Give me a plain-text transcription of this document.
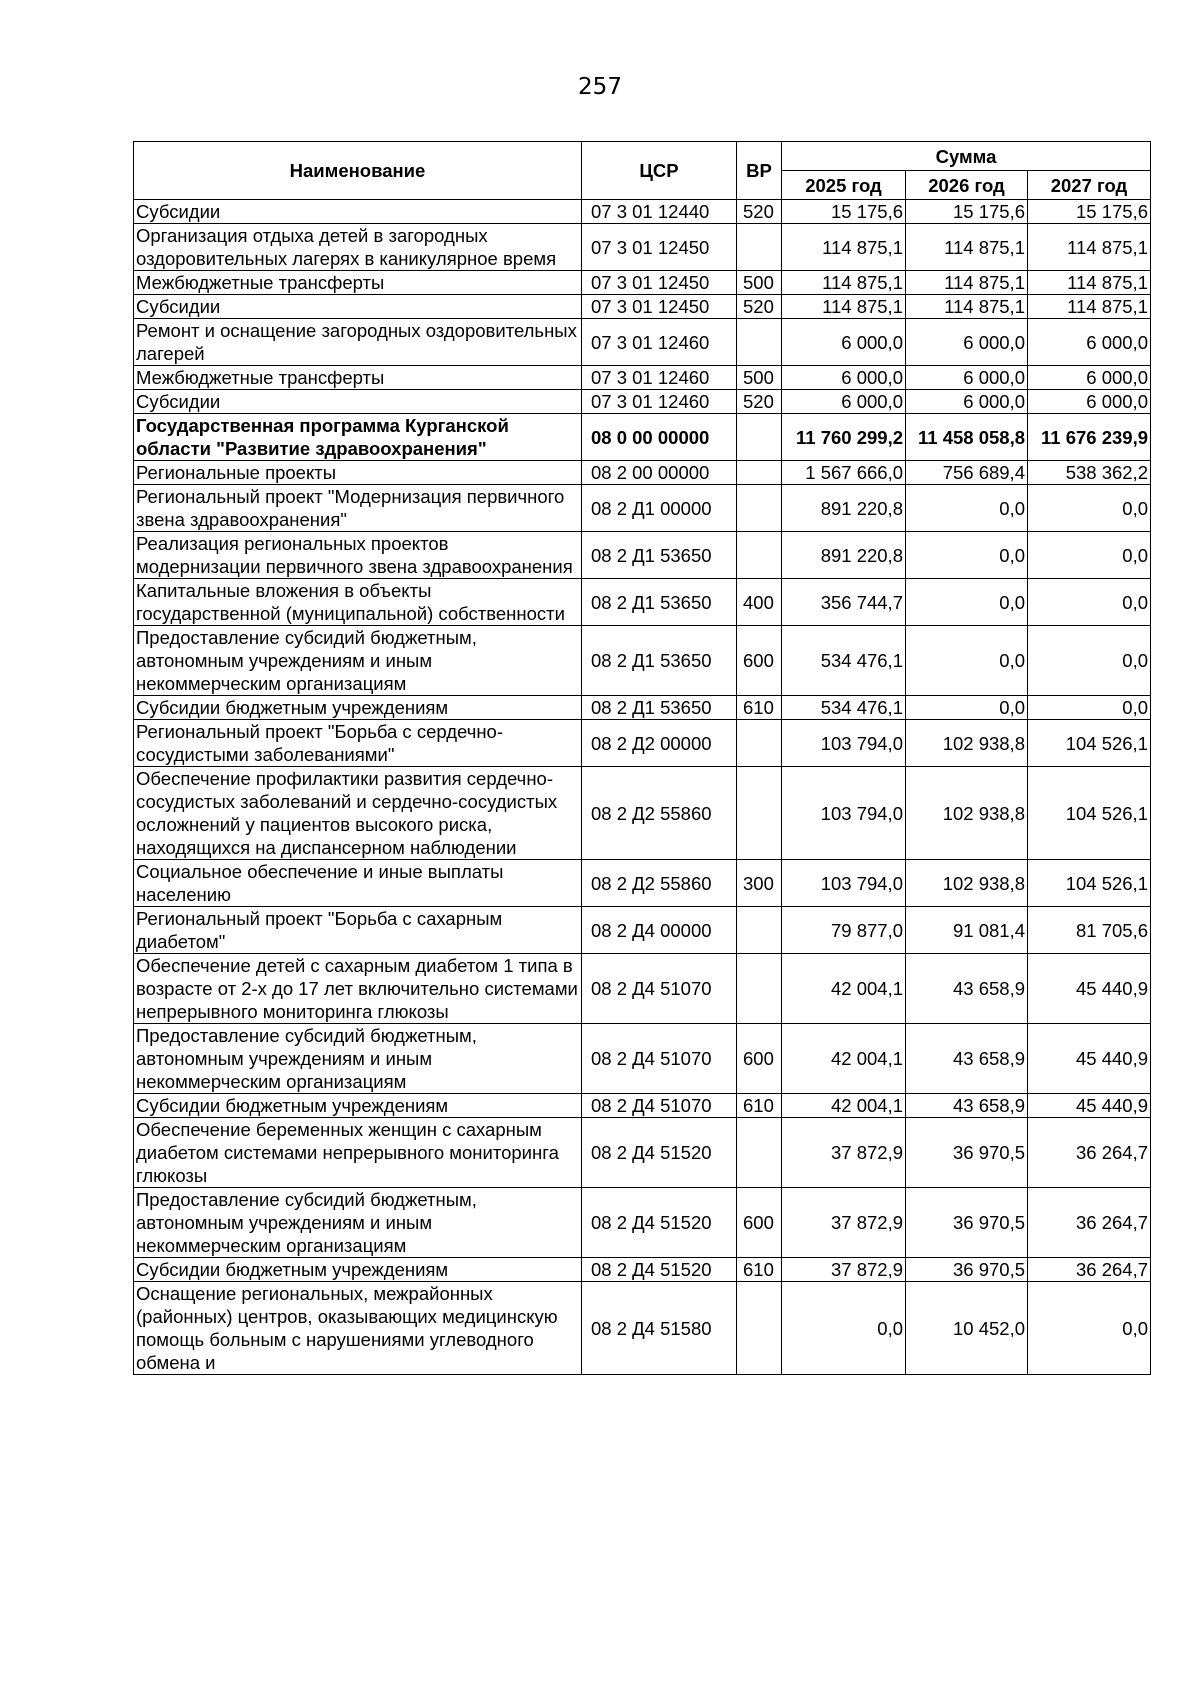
257
Наименование	ЦСР	ВР	Сумма		
			2025 год	2026 год	2027 год
Субсидии	07 3 01 12440	520	15 175,6	15 175,6	15 175,6
Организация отдыха детей в загородных оздоровительных лагерях в каникулярное время	07 3 01 12450		114 875,1	114 875,1	114 875,1
Межбюджетные трансферты	07 3 01 12450	500	114 875,1	114 875,1	114 875,1
Субсидии	07 3 01 12450	520	114 875,1	114 875,1	114 875,1
Ремонт и оснащение загородных оздоровительных лагерей	07 3 01 12460		6 000,0	6 000,0	6 000,0
Межбюджетные трансферты	07 3 01 12460	500	6 000,0	6 000,0	6 000,0
Субсидии	07 3 01 12460	520	6 000,0	6 000,0	6 000,0
Государственная программа Курганской области "Развитие здравоохранения"	08 0 00 00000		11 760 299,2	11 458 058,8	11 676 239,9
Региональные проекты	08 2 00 00000		1 567 666,0	756 689,4	538 362,2
Региональный проект "Модернизация первичного звена здравоохранения"	08 2 Д1 00000		891 220,8	0,0	0,0
Реализация региональных проектов модернизации первичного звена здравоохранения	08 2 Д1 53650		891 220,8	0,0	0,0
Капитальные вложения в объекты государственной (муниципальной) собственности	08 2 Д1 53650	400	356 744,7	0,0	0,0
Предоставление субсидий бюджетным, автономным учреждениям и иным некоммерческим организациям	08 2 Д1 53650	600	534 476,1	0,0	0,0
Субсидии бюджетным учреждениям	08 2 Д1 53650	610	534 476,1	0,0	0,0
Региональный проект "Борьба с сердечно-сосудистыми заболеваниями"	08 2 Д2 00000		103 794,0	102 938,8	104 526,1
Обеспечение профилактики развития сердечно-сосудистых заболеваний и сердечно-сосудистых осложнений у пациентов высокого риска, находящихся на диспансерном наблюдении	08 2 Д2 55860		103 794,0	102 938,8	104 526,1
Социальное обеспечение и иные выплаты населению	08 2 Д2 55860	300	103 794,0	102 938,8	104 526,1
Региональный проект "Борьба с сахарным диабетом"	08 2 Д4 00000		79 877,0	91 081,4	81 705,6
Обеспечение детей с сахарным диабетом 1 типа в возрасте от 2-х до 17 лет включительно системами непрерывного мониторинга глюкозы	08 2 Д4 51070		42 004,1	43 658,9	45 440,9
Предоставление субсидий бюджетным, автономным учреждениям и иным некоммерческим организациям	08 2 Д4 51070	600	42 004,1	43 658,9	45 440,9
Субсидии бюджетным учреждениям	08 2 Д4 51070	610	42 004,1	43 658,9	45 440,9
Обеспечение беременных женщин с сахарным диабетом системами непрерывного мониторинга глюкозы	08 2 Д4 51520		37 872,9	36 970,5	36 264,7
Предоставление субсидий бюджетным, автономным учреждениям и иным некоммерческим организациям	08 2 Д4 51520	600	37 872,9	36 970,5	36 264,7
Субсидии бюджетным учреждениям	08 2 Д4 51520	610	37 872,9	36 970,5	36 264,7
Оснащение региональных, межрайонных (районных) центров, оказывающих медицинскую помощь больным с нарушениями углеводного обмена и	08 2 Д4 51580		0,0	10 452,0	0,0
